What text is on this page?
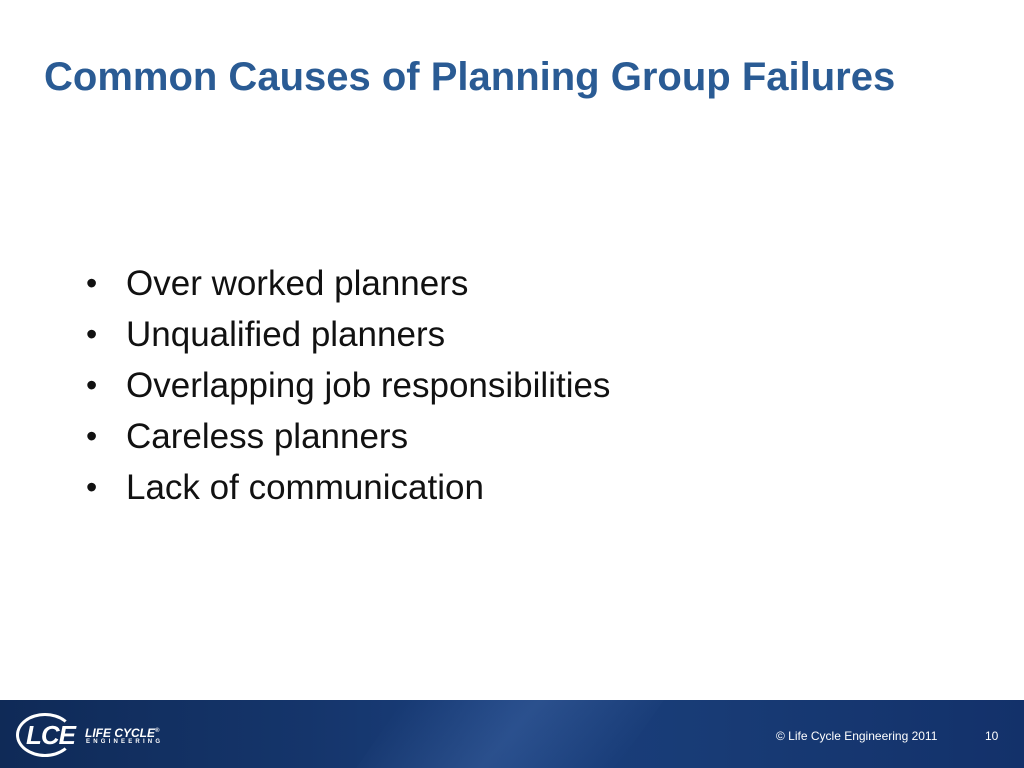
Common Causes of Planning Group Failures
• Over worked planners
• Unqualified planners
• Overlapping job responsibilities
• Careless planners
• Lack of communication
LCE LIFE CYCLE®
ENGINEERING	© Life Cycle Engineering 2011	10
